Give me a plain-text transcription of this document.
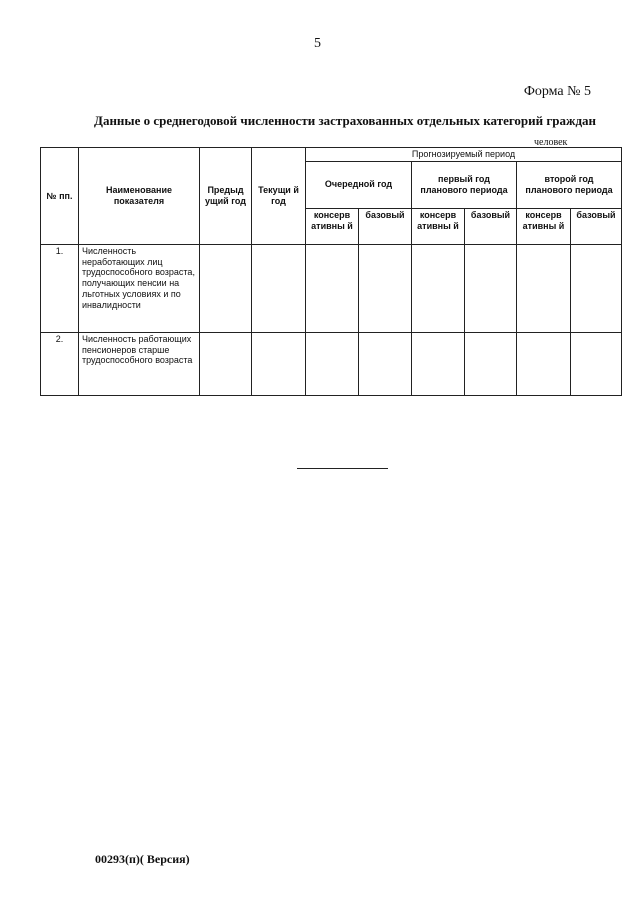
5
Форма № 5
Данные о среднегодовой численности застрахованных отдельных категорий граждан
человек
№ пп.	Наименование показателя	Предыд ущий год	Текущи й год	Прогнозируемый период					
				Очередной год		первый год планового периода		второй год планового периода	
				консерв ативны й	базовый	консерв ативны й	базовый	консерв ативны й	базовый
1.	Численность неработающих лиц трудоспособного возраста, получающих пенсии на льготных условиях и по инвалидности								
2.	Численность работающих пенсионеров старше трудоспособного возраста								
00293(п)( Версия)
